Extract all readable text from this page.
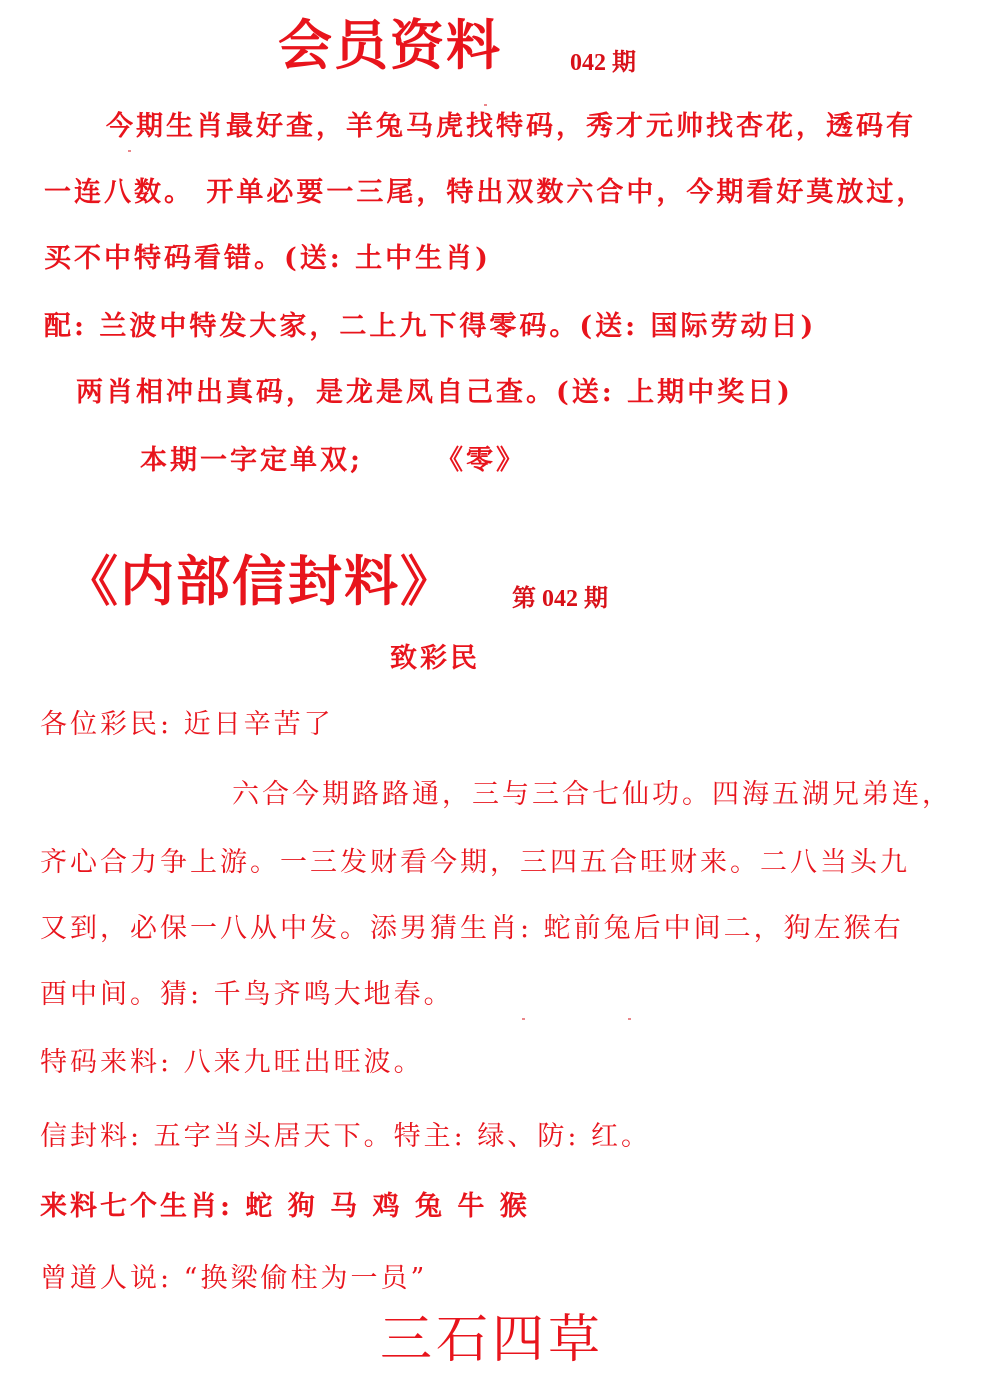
会员资料	042 期
今期生肖最好查，羊兔马虎找特码，秀才元帅找杏花，透码有
一连八数。 开单必要一三尾，特出双数六合中，今期看好莫放过，
买不中特码看错。(送: 土中生肖)
配: 兰波中特发大家，二上九下得零码。(送: 国际劳动日)
两肖相冲出真码，是龙是凤自己查。(送: 上期中奖日)
本期一字定单双;	《零》
《内部信封料》 第 042 期
致彩民
各位彩民: 近日辛苦了
六合今期路路通，三与三合七仙功。四海五湖兄弟连，
齐心合力争上游。一三发财看今期，三四五合旺财来。二八当头九
又到，必保一八从中发。添男猜生肖: 蛇前兔后中间二，狗左猴右
酉中间。猜: 千鸟齐鸣大地春。
特码来料: 八来九旺出旺波。
信封料: 五字当头居天下。特主: 绿、防: 红。
来料七个生肖: 蛇 狗 马 鸡 兔 牛 猴
曾道人说: “换梁偷柱为一员”
三石四草
